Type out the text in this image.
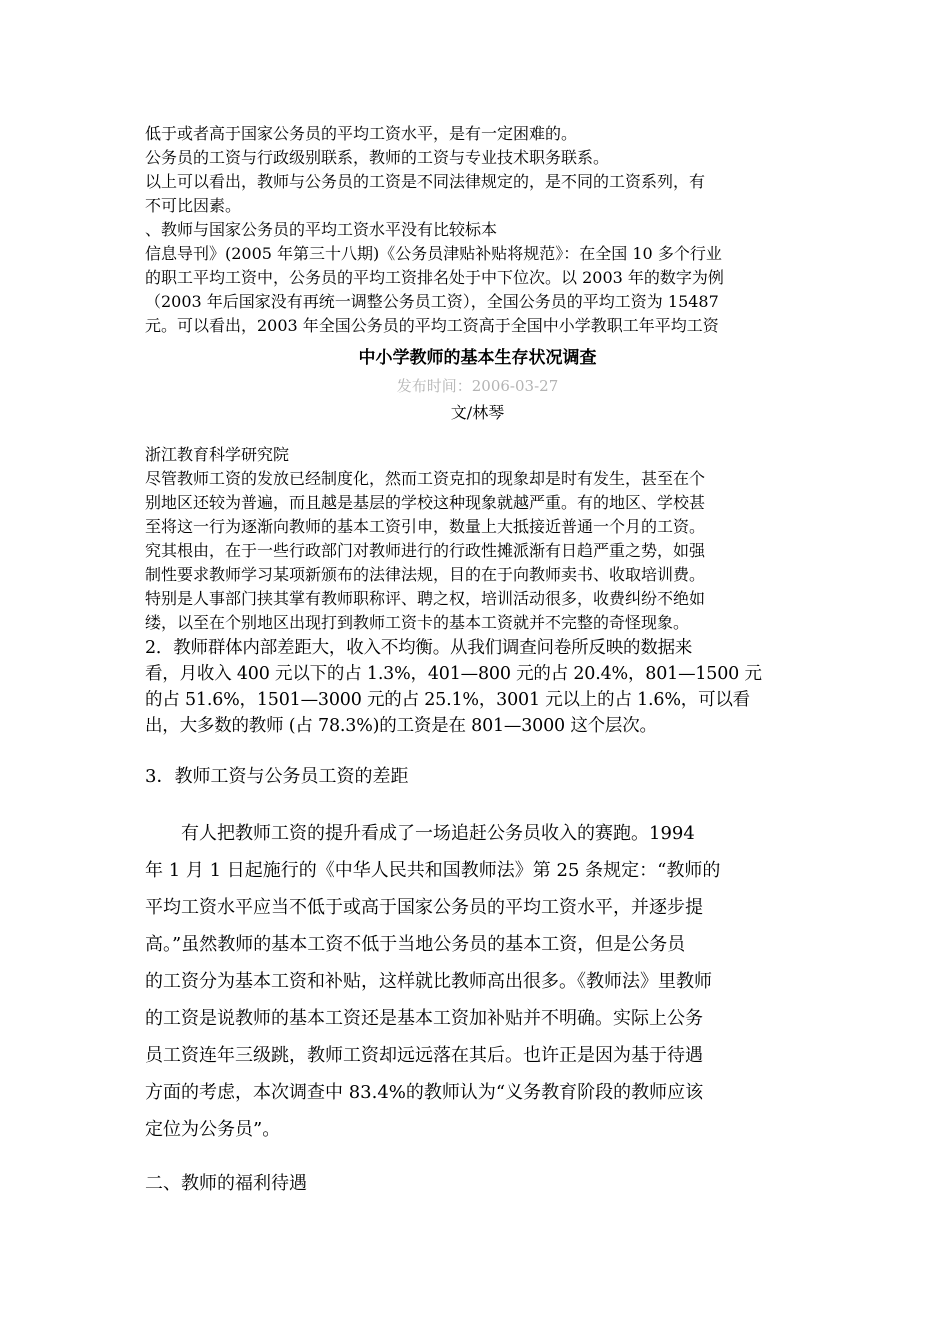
低于或者高于国家公务员的平均工资水平，是有一定困难的。

公务员的工资与行政级别联系，教师的工资与专业技术职务联系。

以上可以看出，教师与公务员的工资是不同法律规定的，是不同的工资系列，有

不可比因素。

、教师与国家公务员的平均工资水平没有比较标本

信息导刊》(2005 年第三十八期)《公务员津贴补贴将规范》：在全国 10 多个行业

的职工平均工资中，公务员的平均工资排名处于中下位次。以 2003 年的数字为例

（2003 年后国家没有再统一调整公务员工资），全国公务员的平均工资为 15487

元。可以看出，2003 年全国公务员的平均工资高于全国中小学教职工年平均工资

中小学教师的基本生存状况调查
发布时间：2006-03-27
文/林琴

浙江教育科学研究院

尽管教师工资的发放已经制度化，然而工资克扣的现象却是时有发生，甚至在个

别地区还较为普遍，而且越是基层的学校这种现象就越严重。有的地区、学校甚

至将这一行为逐渐向教师的基本工资引申，数量上大抵接近普通一个月的工资。

究其根由，在于一些行政部门对教师进行的行政性摊派渐有日趋严重之势，如强

制性要求教师学习某项新颁布的法律法规，目的在于向教师卖书、收取培训费。

特别是人事部门挟其掌有教师职称评、聘之权，培训活动很多，收费纠纷不绝如

缕，以至在个别地区出现打到教师工资卡的基本工资就并不完整的奇怪现象。

2．教师群体内部差距大，收入不均衡。从我们调查问卷所反映的数据来

看，月收入 400 元以下的占 1.3%，401—800 元的占 20.4%，801—1500 元

的占 51.6%，1501—3000 元的占 25.1%，3001 元以上的占 1.6%，可以看

出，大多数的教师 (占 78.3%)的工资是在 801—3000 这个层次。

3．教师工资与公务员工资的差距
　　有人把教师工资的提升看成了一场追赶公务员收入的赛跑。1994
年 1 月 1 日起施行的《中华人民共和国教师法》第 25 条规定：“教师的
平均工资水平应当不低于或高于国家公务员的平均工资水平，并逐步提
高。”虽然教师的基本工资不低于当地公务员的基本工资，但是公务员
的工资分为基本工资和补贴，这样就比教师高出很多。《教师法》里教师
的工资是说教师的基本工资还是基本工资加补贴并不明确。实际上公务
员工资连年三级跳，教师工资却远远落在其后。也许正是因为基于待遇
方面的考虑，本次调查中 83.4%的教师认为“义务教育阶段的教师应该
定位为公务员”。
二、教师的福利待遇
